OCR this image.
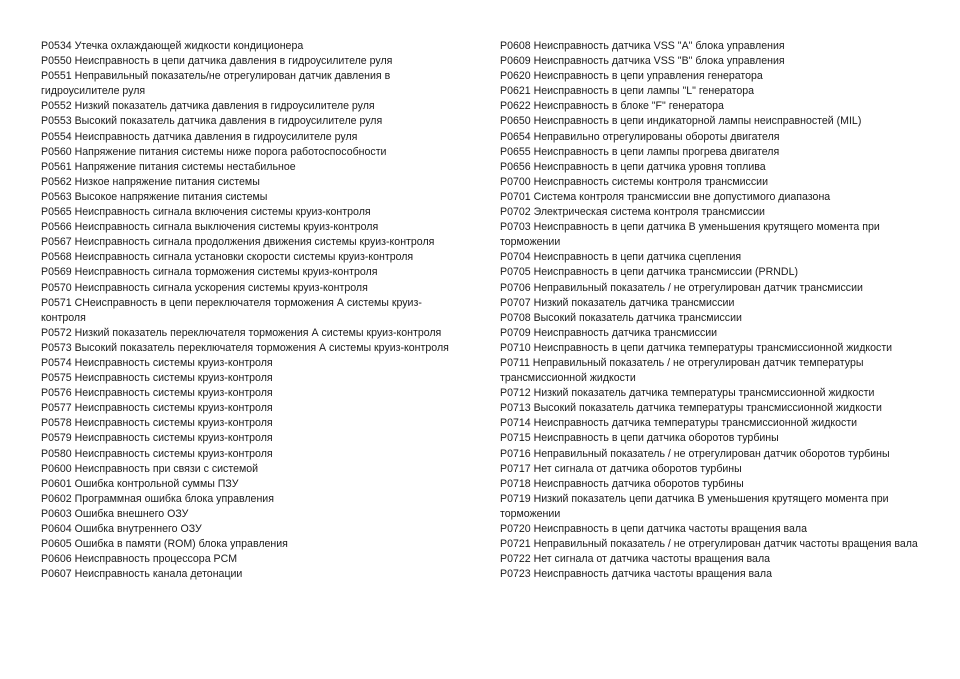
P0534 Утечка охлаждающей жидкости кондиционера
P0550 Неисправность в цепи датчика давления в гидроусилителе руля
P0551 Неправильный показатель/не отрегулирован датчик давления в гидроусилителе руля
P0552 Низкий показатель датчика давления в гидроусилителе руля
P0553 Высокий показатель датчика давления в гидроусилителе руля
P0554 Неисправность датчика давления в гидроусилителе руля
P0560 Напряжение питания системы ниже порога работоспособности
P0561 Напряжение питания системы нестабильное
P0562 Низкое напряжение питания системы
P0563 Высокое напряжение питания системы
P0565 Неисправность сигнала включения системы круиз-контроля
P0566 Неисправность сигнала выключения системы круиз-контроля
P0567 Неисправность сигнала продолжения движения системы круиз-контроля
P0568 Неисправность сигнала установки скорости системы круиз-контроля
P0569 Неисправность сигнала торможения системы круиз-контроля
P0570 Неисправность сигнала ускорения системы круиз-контроля
P0571 СНеисправность в цепи переключателя торможения А системы круиз-контроля
P0572 Низкий показатель переключателя торможения А системы круиз-контроля
P0573 Высокий показатель переключателя торможения А системы круиз-контроля
P0574 Неисправность системы круиз-контроля
P0575 Неисправность системы круиз-контроля
P0576 Неисправность системы круиз-контроля
P0577 Неисправность системы круиз-контроля
P0578 Неисправность системы круиз-контроля
P0579 Неисправность системы круиз-контроля
P0580 Неисправность системы круиз-контроля
P0600 Неисправность при связи с системой
P0601 Ошибка контрольной суммы ПЗУ
P0602 Программная ошибка блока управления
P0603 Ошибка внешнего ОЗУ
P0604 Ошибка внутреннего ОЗУ
P0605 Ошибка в памяти (ROM) блока управления
P0606 Неисправность процессора PCM
P0607 Неисправность канала детонации
P0608 Неисправность датчика VSS "А" блока управления
P0609 Неисправность датчика VSS "В" блока управления
P0620 Неисправность в цепи управления генератора
P0621 Неисправность в цепи лампы "L" генератора
P0622 Неисправность в блоке "F" генератора
P0650 Неисправность в цепи индикаторной лампы неисправностей (MIL)
P0654 Неправильно отрегулированы обороты двигателя
P0655 Неисправность в цепи лампы прогрева двигателя
P0656 Неисправность в цепи датчика уровня топлива
P0700 Неисправность системы контроля трансмиссии
P0701 Система контроля трансмиссии вне допустимого диапазона
P0702 Электрическая система контроля трансмиссии
P0703 Неисправность в цепи датчика В уменьшения крутящего момента при торможении
P0704 Неисправность в цепи датчика сцепления
P0705 Неисправность в цепи датчика трансмиссии (PRNDL)
P0706 Неправильный показатель / не отрегулирован датчик трансмиссии
P0707 Низкий показатель датчика трансмиссии
P0708 Высокий показатель датчика трансмиссии
P0709 Неисправность датчика трансмиссии
P0710 Неисправность в цепи датчика температуры трансмиссионной жидкости
P0711 Неправильный показатель / не отрегулирован датчик температуры трансмиссионной жидкости
P0712 Низкий показатель датчика температуры трансмиссионной жидкости
P0713 Высокий показатель датчика температуры трансмиссионной жидкости
P0714 Неисправность датчика температуры трансмиссионной жидкости
P0715 Неисправность в цепи датчика оборотов турбины
P0716 Неправильный показатель / не отрегулирован датчик оборотов турбины
P0717 Нет сигнала от датчика оборотов турбины
P0718 Неисправность датчика оборотов турбины
P0719 Низкий показатель цепи датчика В уменьшения крутящего момента при торможении
P0720 Неисправность в цепи датчика частоты вращения вала
P0721 Неправильный показатель / не отрегулирован датчик частоты вращения вала
P0722 Нет сигнала от датчика частоты вращения вала
P0723 Неисправность датчика частоты вращения вала
